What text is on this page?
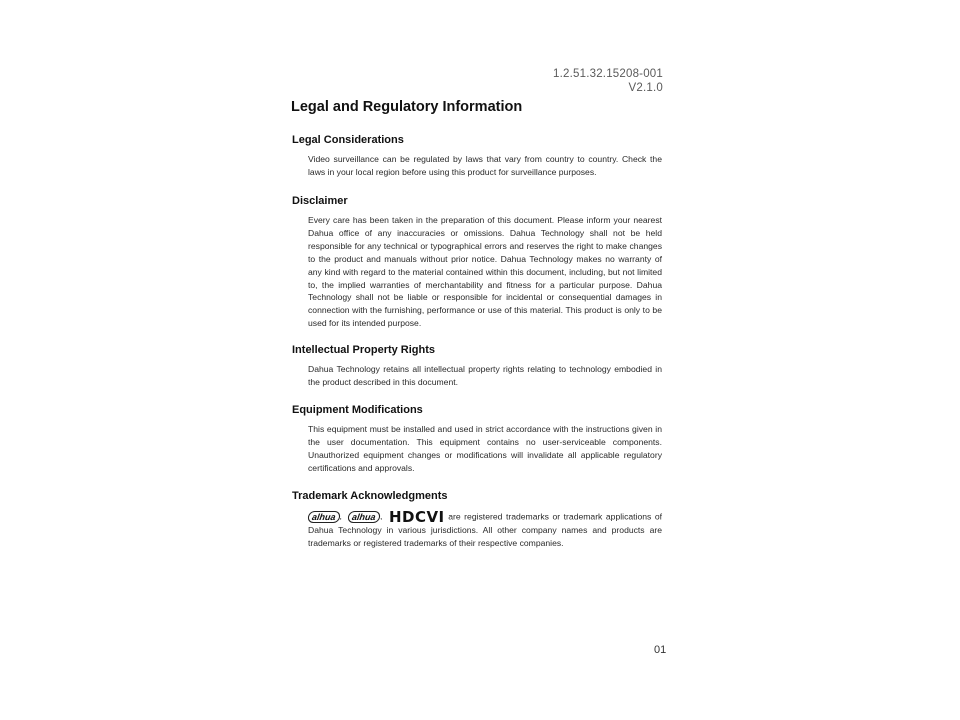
1.2.51.32.15208-001
V2.1.0
Legal and Regulatory Information
Legal Considerations

Video surveillance can be regulated by laws that vary from country to country. Check the laws in your local region before using this product for surveillance purposes.

Disclaimer

Every care has been taken in the preparation of this document. Please inform your nearest Dahua office of any inaccuracies or omissions. Dahua Technology shall not be held responsible for any technical or typographical errors and reserves the right to make changes to the product and manuals without prior notice. Dahua Technology makes no warranty of any kind with regard to the material contained within this document, including, but not limited to, the implied warranties of merchantability and fitness for a particular purpose. Dahua Technology shall not be liable or responsible for incidental or consequential damages in connection with the furnishing, performance or use of this material. This product is only to be used for its intended purpose.

Intellectual Property Rights

Dahua Technology retains all intellectual property rights relating to technology embodied in the product described in this document.

Equipment Modifications

This equipment must be installed and used in strict accordance with the instructions given in the user documentation. This equipment contains no user-serviceable components. Unauthorized equipment changes or modifications will invalidate all applicable regulatory certifications and approvals.

Trademark Acknowledgments
alhua , alhua , HDCVI are registered trademarks or trademark applications of Dahua Technology in various jurisdictions. All other company names and products are trademarks or registered trademarks of their respective companies.
01
